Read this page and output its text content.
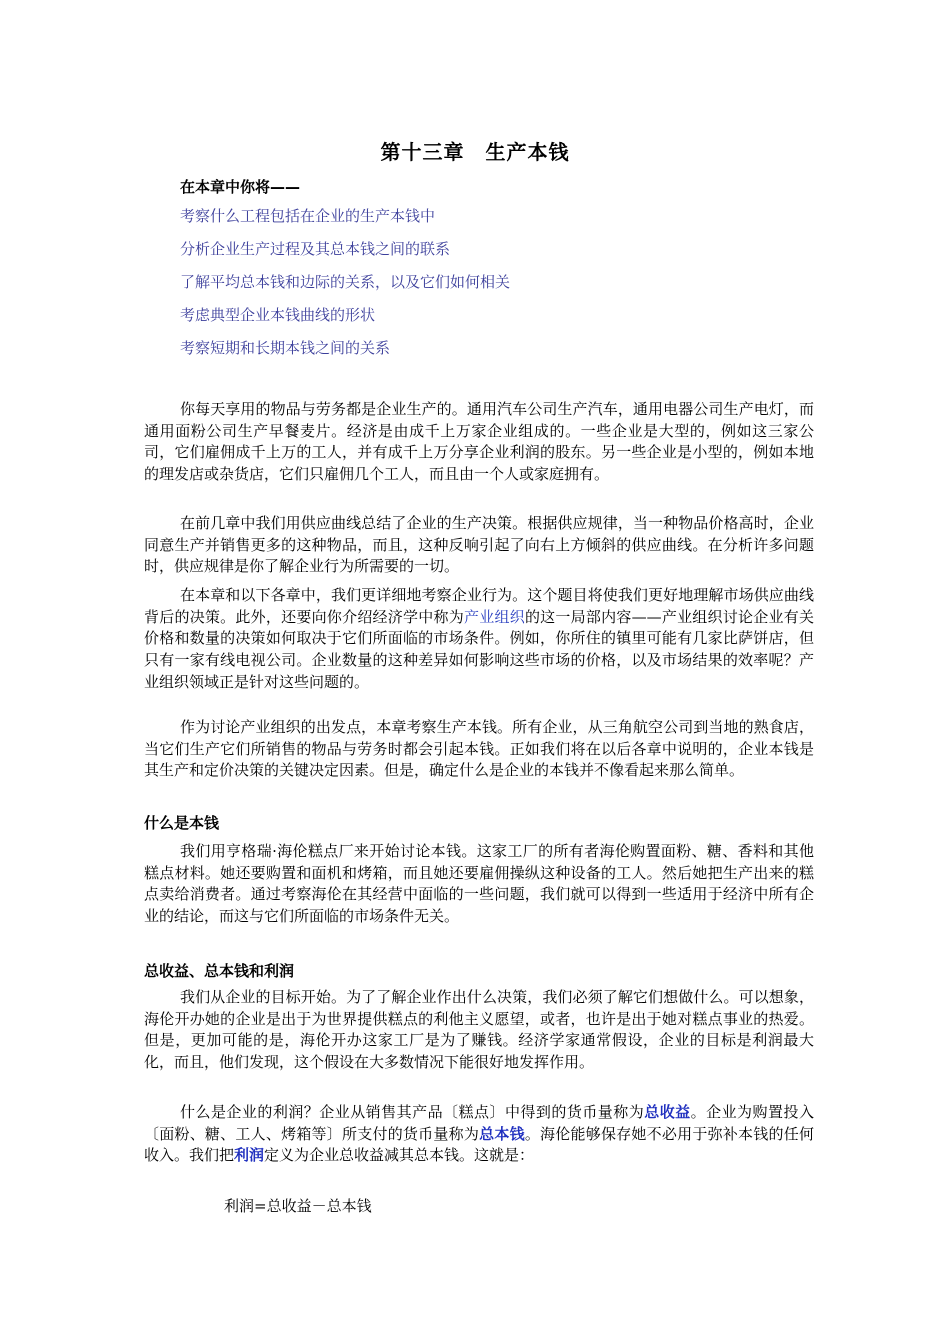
第十三章　生产本钱
在本章中你将——
考察什么工程包括在企业的生产本钱中
分析企业生产过程及其总本钱之间的联系
了解平均总本钱和边际的关系，以及它们如何相关
考虑典型企业本钱曲线的形状
考察短期和长期本钱之间的关系

你每天享用的物品与劳务都是企业生产的。通用汽车公司生产汽车，通用电器公司生产电灯，而通用面粉公司生产早餐麦片。经济是由成千上万家企业组成的。一些企业是大型的，例如这三家公司，它们雇佣成千上万的工人，并有成千上万分享企业利润的股东。另一些企业是小型的，例如本地的理发店或杂货店，它们只雇佣几个工人，而且由一个人或家庭拥有。

在前几章中我们用供应曲线总结了企业的生产决策。根据供应规律，当一种物品价格高时，企业同意生产并销售更多的这种物品，而且，这种反响引起了向右上方倾斜的供应曲线。在分析许多问题时，供应规律是你了解企业行为所需要的一切。

在本章和以下各章中，我们更详细地考察企业行为。这个题目将使我们更好地理解市场供应曲线背后的决策。此外，还要向你介绍经济学中称为产业组织的这一局部内容——产业组织讨论企业有关价格和数量的决策如何取决于它们所面临的市场条件。例如，你所住的镇里可能有几家比萨饼店，但只有一家有线电视公司。企业数量的这种差异如何影响这些市场的价格，以及市场结果的效率呢？产业组织领域正是针对这些问题的。

作为讨论产业组织的出发点，本章考察生产本钱。所有企业，从三角航空公司到当地的熟食店，当它们生产它们所销售的物品与劳务时都会引起本钱。正如我们将在以后各章中说明的，企业本钱是其生产和定价决策的关键决定因素。但是，确定什么是企业的本钱并不像看起来那么简单。

什么是本钱

我们用亨格瑞·海伦糕点厂来开始讨论本钱。这家工厂的所有者海伦购置面粉、糖、香料和其他糕点材料。她还要购置和面机和烤箱，而且她还要雇佣操纵这种设备的工人。然后她把生产出来的糕点卖给消费者。通过考察海伦在其经营中面临的一些问题，我们就可以得到一些适用于经济中所有企业的结论，而这与它们所面临的市场条件无关。

总收益、总本钱和利润

我们从企业的目标开始。为了了解企业作出什么决策，我们必须了解它们想做什么。可以想象，海伦开办她的企业是出于为世界提供糕点的利他主义愿望，或者，也许是出于她对糕点事业的热爱。但是，更加可能的是，海伦开办这家工厂是为了赚钱。经济学家通常假设，企业的目标是利润最大化，而且，他们发现，这个假设在大多数情况下能很好地发挥作用。

什么是企业的利润？企业从销售其产品〔糕点〕中得到的货币量称为总收益。企业为购置投入〔面粉、糖、工人、烤箱等〕所支付的货币量称为总本钱。海伦能够保存她不必用于弥补本钱的任何收入。我们把利润定义为企业总收益减其总本钱。这就是：

利润=总收益－总本钱
